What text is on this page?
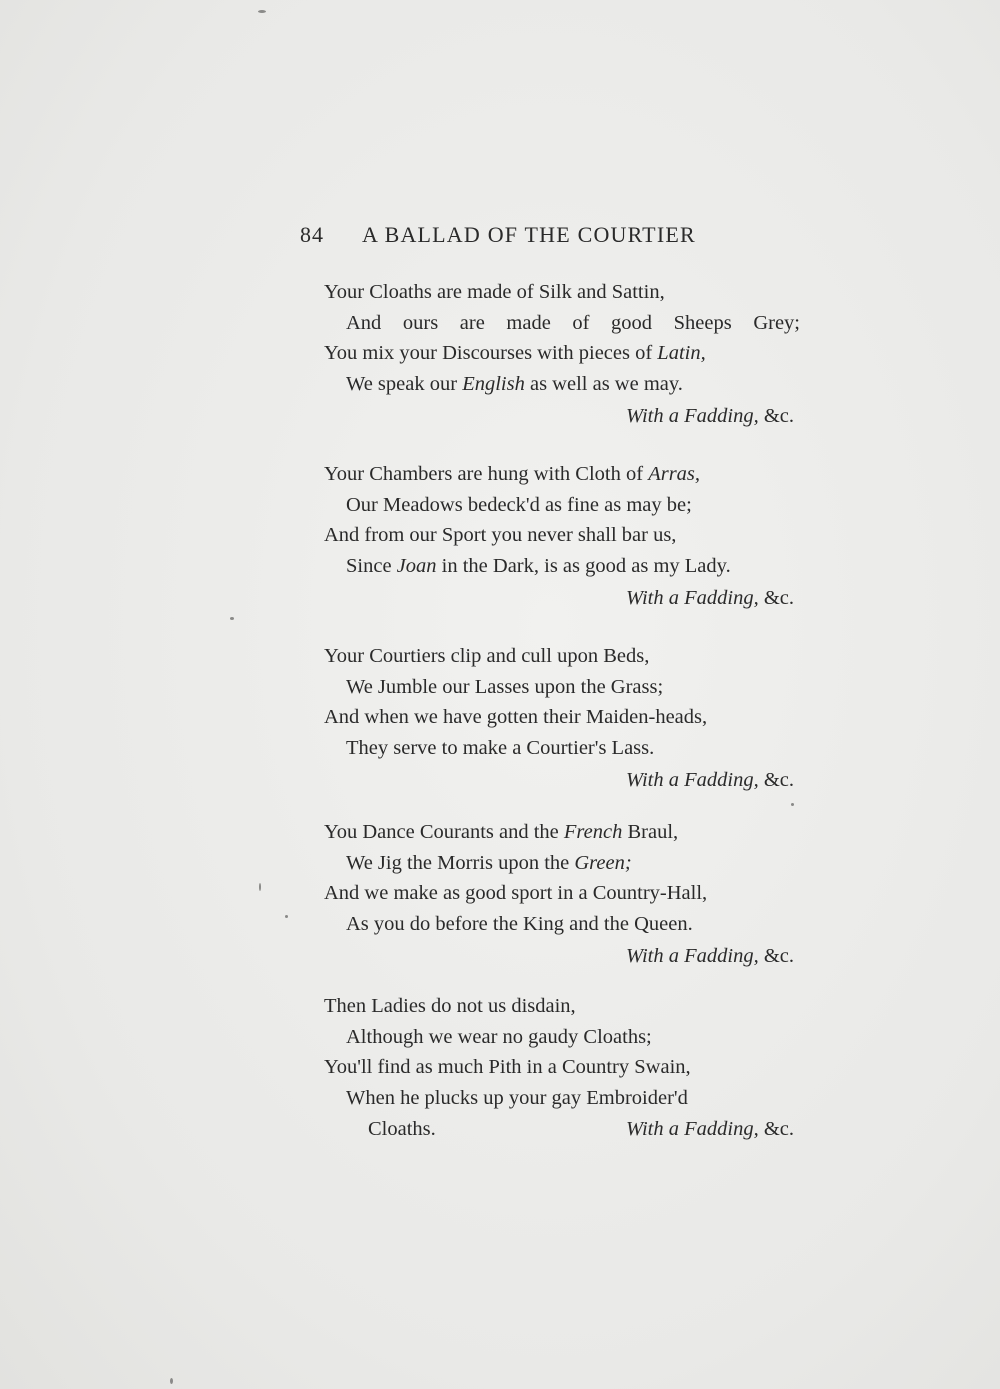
84 A BALLAD OF THE COURTIER
Your Cloaths are made of Silk and Sattin,
And ours are made of good Sheeps Grey;
You mix your Discourses with pieces of Latin,
We speak our English as well as we may.
With a Fadding, &c.
Your Chambers are hung with Cloth of Arras,
Our Meadows bedeck'd as fine as may be;
And from our Sport you never shall bar us,
Since Joan in the Dark, is as good as my Lady.
With a Fadding, &c.
Your Courtiers clip and cull upon Beds,
We Jumble our Lasses upon the Grass;
And when we have gotten their Maiden-heads,
They serve to make a Courtier's Lass.
With a Fadding, &c.
You Dance Courants and the French Braul,
We Jig the Morris upon the Green;
And we make as good sport in a Country-Hall,
As you do before the King and the Queen.
With a Fadding, &c.
Then Ladies do not us disdain,
Although we wear no gaudy Cloaths;
You'll find as much Pith in a Country Swain,
When he plucks up your gay Embroider'd
Cloaths.	With a Fadding, &c.
